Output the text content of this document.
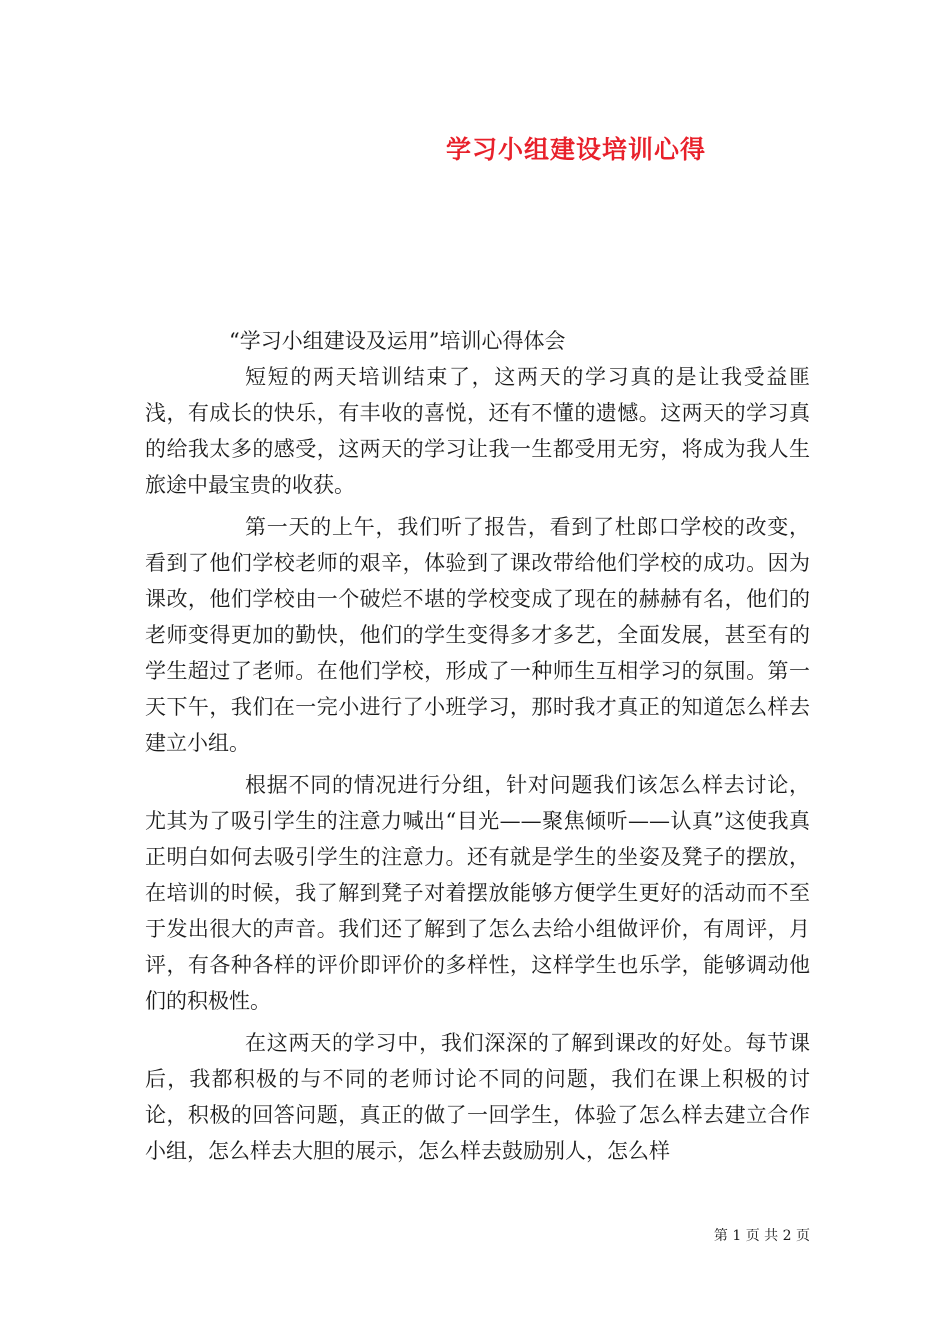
学习小组建设培训心得

“学习小组建设及运用”培训心得体会

短短的两天培训结束了，这两天的学习真的是让我受益匪浅，有成长的快乐，有丰收的喜悦，还有不懂的遗憾。这两天的学习真的给我太多的感受，这两天的学习让我一生都受用无穷，将成为我人生旅途中最宝贵的收获。

第一天的上午，我们听了报告，看到了杜郎口学校的改变，看到了他们学校老师的艰辛，体验到了课改带给他们学校的成功。因为课改，他们学校由一个破烂不堪的学校变成了现在的赫赫有名，他们的老师变得更加的勤快，他们的学生变得多才多艺，全面发展，甚至有的学生超过了老师。在他们学校，形成了一种师生互相学习的氛围。第一天下午，我们在一完小进行了小班学习，那时我才真正的知道怎么样去建立小组。

根据不同的情况进行分组，针对问题我们该怎么样去讨论，尤其为了吸引学生的注意力喊出“目光——聚焦倾听——认真”这使我真正明白如何去吸引学生的注意力。还有就是学生的坐姿及凳子的摆放，在培训的时候，我了解到凳子对着摆放能够方便学生更好的活动而不至于发出很大的声音。我们还了解到了怎么去给小组做评价，有周评，月评，有各种各样的评价即评价的多样性，这样学生也乐学，能够调动他们的积极性。

在这两天的学习中，我们深深的了解到课改的好处。每节课后，我都积极的与不同的老师讨论不同的问题，我们在课上积极的讨论，积极的回答问题，真正的做了一回学生，体验了怎么样去建立合作小组，怎么样去大胆的展示，怎么样去鼓励别人，怎么样

第 1 页 共 2 页
